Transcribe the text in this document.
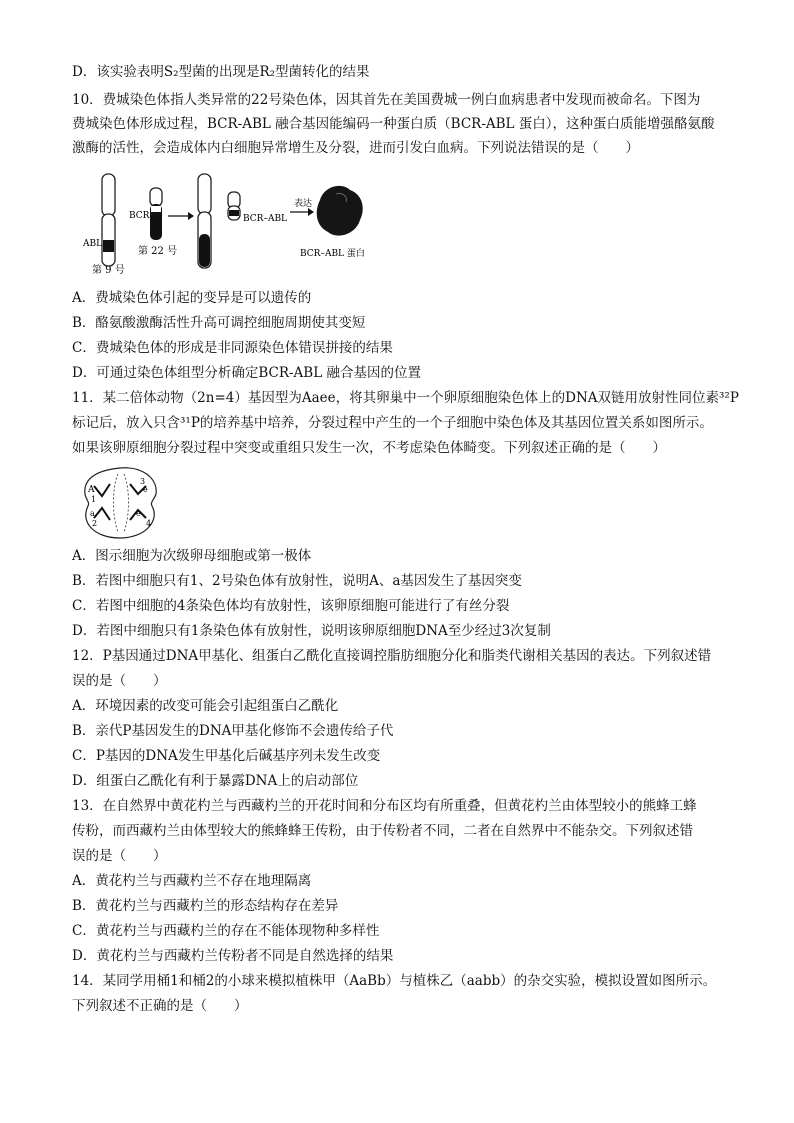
D．该实验表明S₂型菌的出现是R₂型菌转化的结果
10．费城染色体指人类异常的22号染色体，因其首先在美国费城一例白血病患者中发现而被命名。下图为
费城染色体形成过程，BCR-ABL 融合基因能编码一种蛋白质（BCR-ABL 蛋白），这种蛋白质能增强酪氨酸
激酶的活性，会造成体内白细胞异常增生及分裂，进而引发白血病。下列说法错误的是（　　）
ABL
第 9 号
BCR
第 22 号
BCR–ABL
表达
BCR–ABL 蛋白
A．费城染色体引起的变异是可以遗传的
B．酪氨酸激酶活性升高可调控细胞周期使其变短
C．费城染色体的形成是非同源染色体错误拼接的结果
D．可通过染色体组型分析确定BCR-ABL 融合基因的位置
11．某二倍体动物（2n=4）基因型为Aaee，将其卵巢中一个卵原细胞染色体上的DNA双链用放射性同位素³²P
标记后，放入只含³¹P的培养基中培养，分裂过程中产生的一个子细胞中染色体及其基因位置关系如图所示。
如果该卵原细胞分裂过程中突变或重组只发生一次，不考虑染色体畸变。下列叙述正确的是（　　）
A
1
a
2
3
e
e
4
A．图示细胞为次级卵母细胞或第一极体
B．若图中细胞只有1、2号染色体有放射性，说明A、a基因发生了基因突变
C．若图中细胞的4条染色体均有放射性，该卵原细胞可能进行了有丝分裂
D．若图中细胞只有1条染色体有放射性，说明该卵原细胞DNA至少经过3次复制
12．P基因通过DNA甲基化、组蛋白乙酰化直接调控脂肪细胞分化和脂类代谢相关基因的表达。下列叙述错
误的是（　　）
A．环境因素的改变可能会引起组蛋白乙酰化
B．亲代P基因发生的DNA甲基化修饰不会遗传给子代
C．P基因的DNA发生甲基化后碱基序列未发生改变
D．组蛋白乙酰化有利于暴露DNA上的启动部位
13．在自然界中黄花杓兰与西藏杓兰的开花时间和分布区均有所重叠，但黄花杓兰由体型较小的熊蜂工蜂
传粉，而西藏杓兰由体型较大的熊蜂蜂王传粉，由于传粉者不同，二者在自然界中不能杂交。下列叙述错
误的是（　　）
A．黄花杓兰与西藏杓兰不存在地理隔离
B．黄花杓兰与西藏杓兰的形态结构存在差异
C．黄花杓兰与西藏杓兰的存在不能体现物种多样性
D．黄花杓兰与西藏杓兰传粉者不同是自然选择的结果
14．某同学用桶1和桶2的小球来模拟植株甲（AaBb）与植株乙（aabb）的杂交实验，模拟设置如图所示。
下列叙述不正确的是（　　）
